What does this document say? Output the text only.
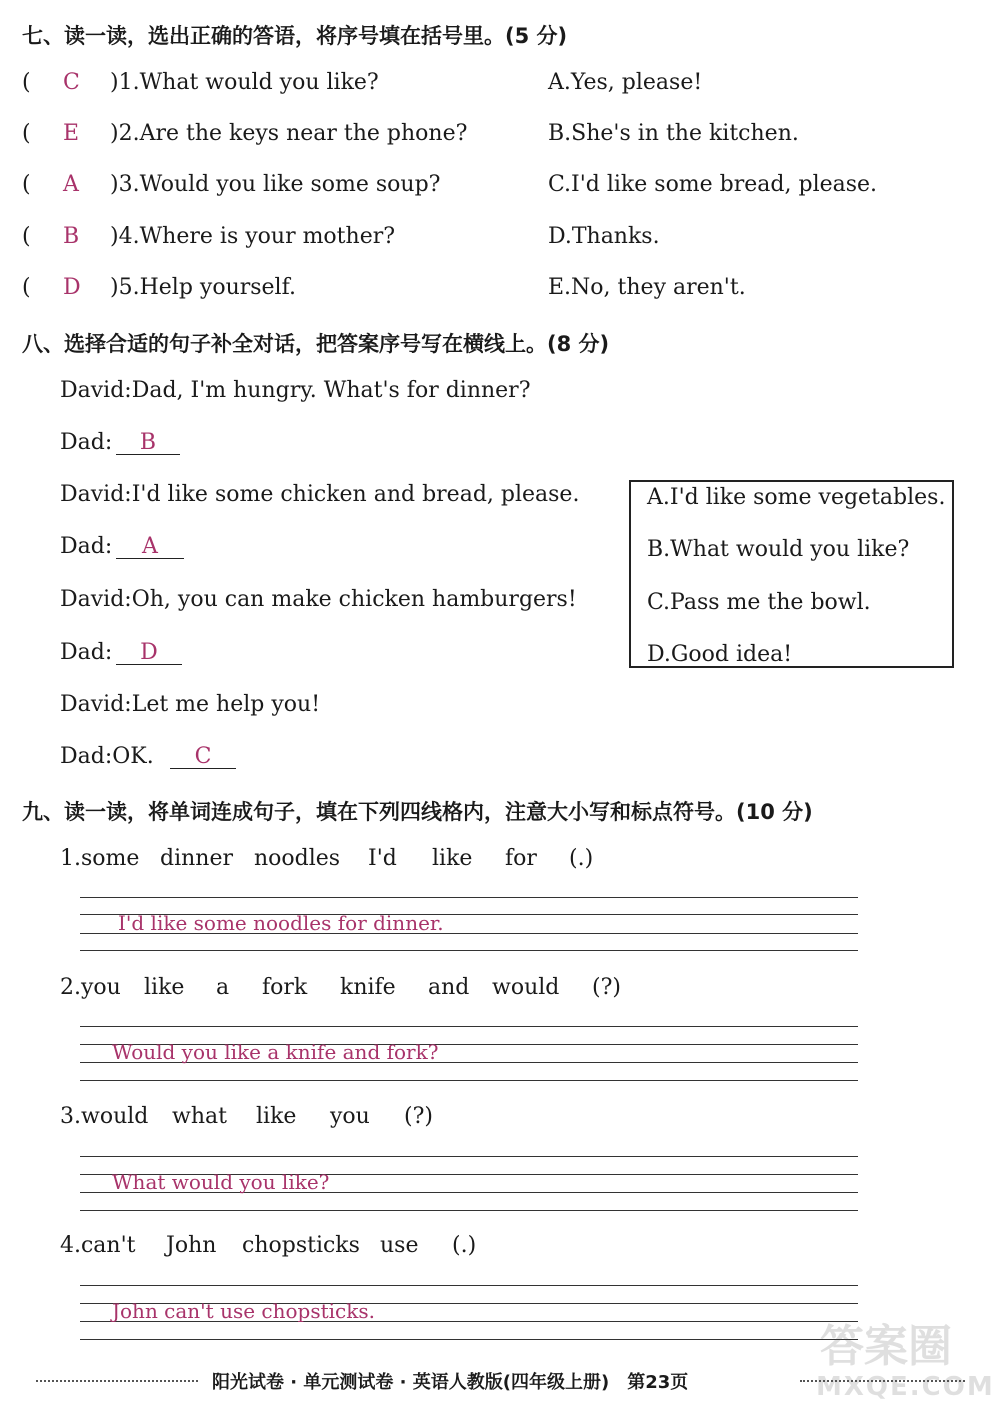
七、读一读，选出正确的答语，将序号填在括号里。(5 分)
( C )1.What would you like?	A.Yes, please!
( E )2.Are the keys near the phone?	B.She's in the kitchen.
( A )3.Would you like some soup?	C.I'd like some bread, please.
( B )4.Where is your mother?	D.Thanks.
( D )5.Help yourself.	E.No, they aren't.
八、选择合适的句子补全对话，把答案序号写在横线上。(8 分)
David:Dad, I'm hungry. What's for dinner?
Dad:	B
David:I'd like some chicken and bread, please.
Dad:	A
David:Oh, you can make chicken hamburgers!
Dad:	D
David:Let me help you!
Dad:OK.	C
A.I'd like some vegetables.
B.What would you like?
C.Pass me the bowl.
D.Good idea!
九、读一读，将单词连成句子，填在下列四线格内，注意大小写和标点符号。(10 分)
1.some dinner noodles I'd like for (.)
I'd like some noodles for dinner.
2.you like a fork knife and would (?)
Would you like a knife and fork?
3.would what like you (?)
What would you like?
4.can't John chopsticks use (.)
John can't use chopsticks.
答案圈
MXQE.COM
阳光试卷 · 单元测试卷 · 英语人教版(四年级上册)　第23页
